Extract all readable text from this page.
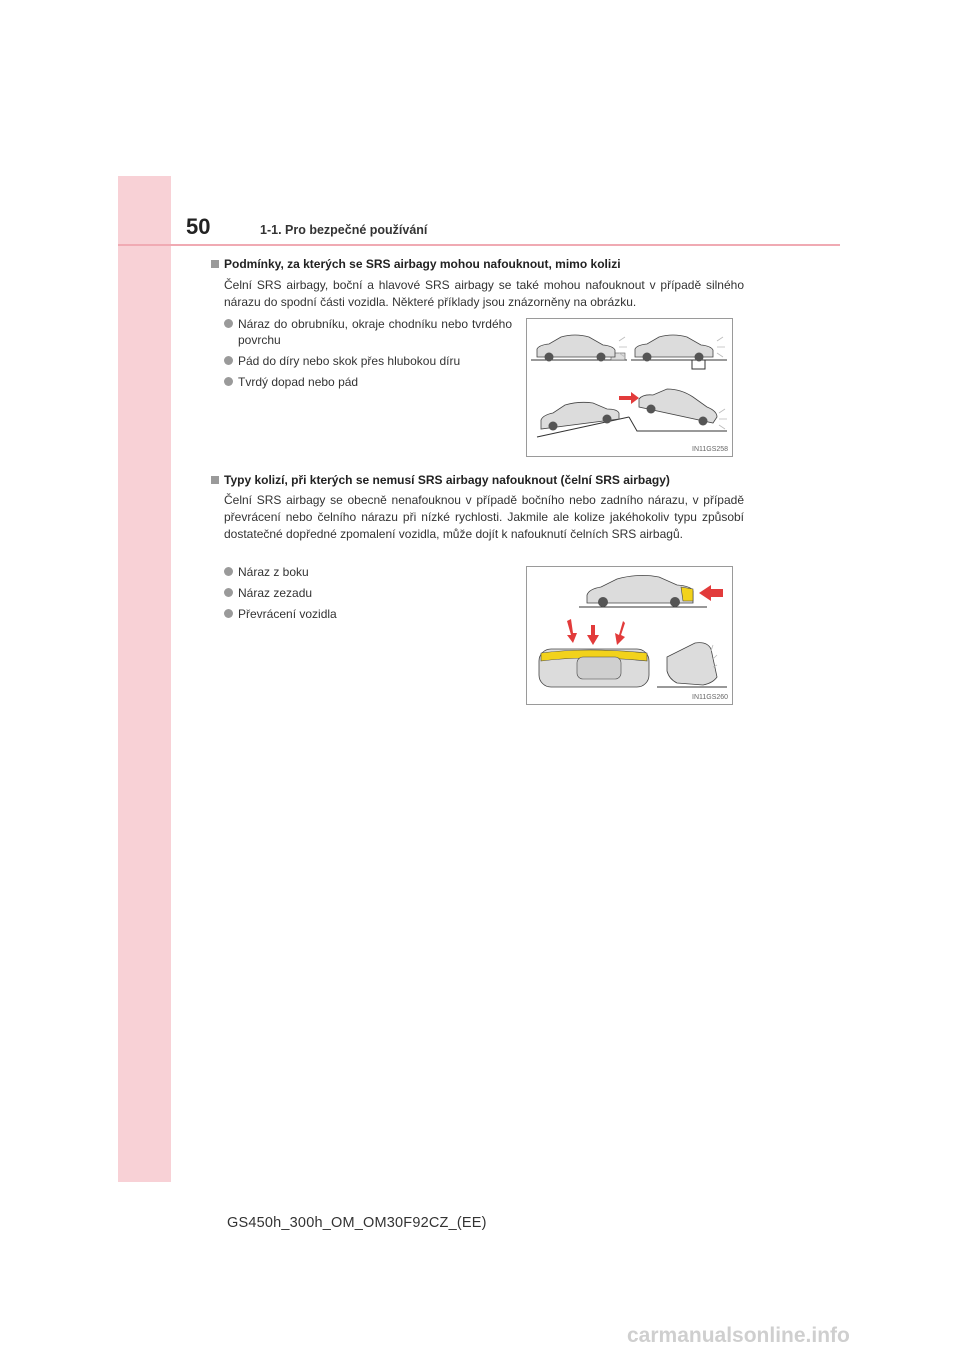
50	1-1. Pro bezpečné používání
Podmínky, za kterých se SRS airbagy mohou nafouknout, mimo kolizi
Čelní SRS airbagy, boční a hlavové SRS airbagy se také mohou nafouknout v případě silného nárazu do spodní části vozidla. Některé příklady jsou znázorněny na obrázku.
Náraz do obrubníku, okraje chodníku nebo tvrdého povrchu
Pád do díry nebo skok přes hlubokou díru
Tvrdý dopad nebo pád
IN11GS258
Typy kolizí, při kterých se nemusí SRS airbagy nafouknout (čelní SRS airbagy)
Čelní SRS airbagy se obecně nenafouknou v případě bočního nebo zadního nárazu, v případě převrácení nebo čelního nárazu při nízké rychlosti. Jakmile ale kolize jakéhokoliv typu způsobí dostatečné dopředné zpomalení vozidla, může dojít k nafouknutí čelních SRS airbagů.
Náraz z boku
Náraz zezadu
Převrácení vozidla
IN11GS260
GS450h_300h_OM_OM30F92CZ_(EE)
carmanualsonline.info
